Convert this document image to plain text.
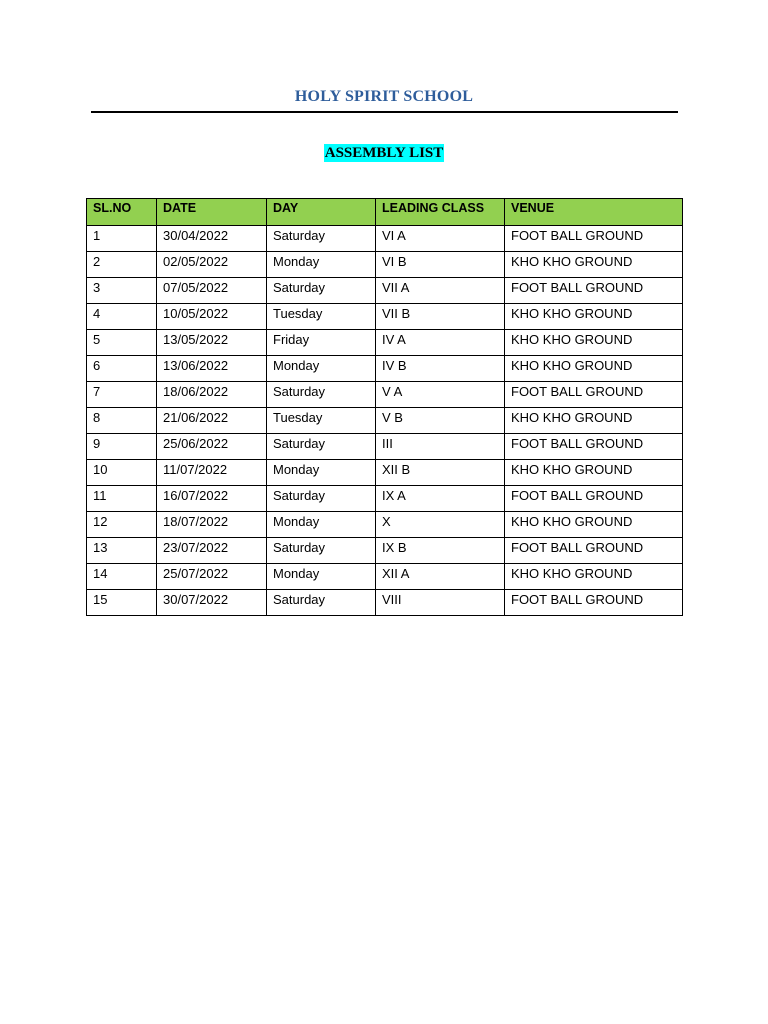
HOLY SPIRIT SCHOOL
ASSEMBLY LIST
SL.NO	DATE	DAY	LEADING CLASS	VENUE
1	30/04/2022	Saturday	VI A	FOOT BALL GROUND
2	02/05/2022	Monday	VI B	KHO KHO GROUND
3	07/05/2022	Saturday	VII A	FOOT BALL GROUND
4	10/05/2022	Tuesday	VII B	KHO KHO GROUND
5	13/05/2022	Friday	IV A	KHO KHO GROUND
6	13/06/2022	Monday	IV B	KHO KHO GROUND
7	18/06/2022	Saturday	V A	FOOT BALL GROUND
8	21/06/2022	Tuesday	V B	KHO KHO GROUND
9	25/06/2022	Saturday	III	FOOT BALL GROUND
10	11/07/2022	Monday	XII B	KHO KHO GROUND
11	16/07/2022	Saturday	IX A	FOOT BALL GROUND
12	18/07/2022	Monday	X	KHO KHO GROUND
13	23/07/2022	Saturday	IX B	FOOT BALL GROUND
14	25/07/2022	Monday	XII A	KHO KHO GROUND
15	30/07/2022	Saturday	VIII	FOOT BALL GROUND
